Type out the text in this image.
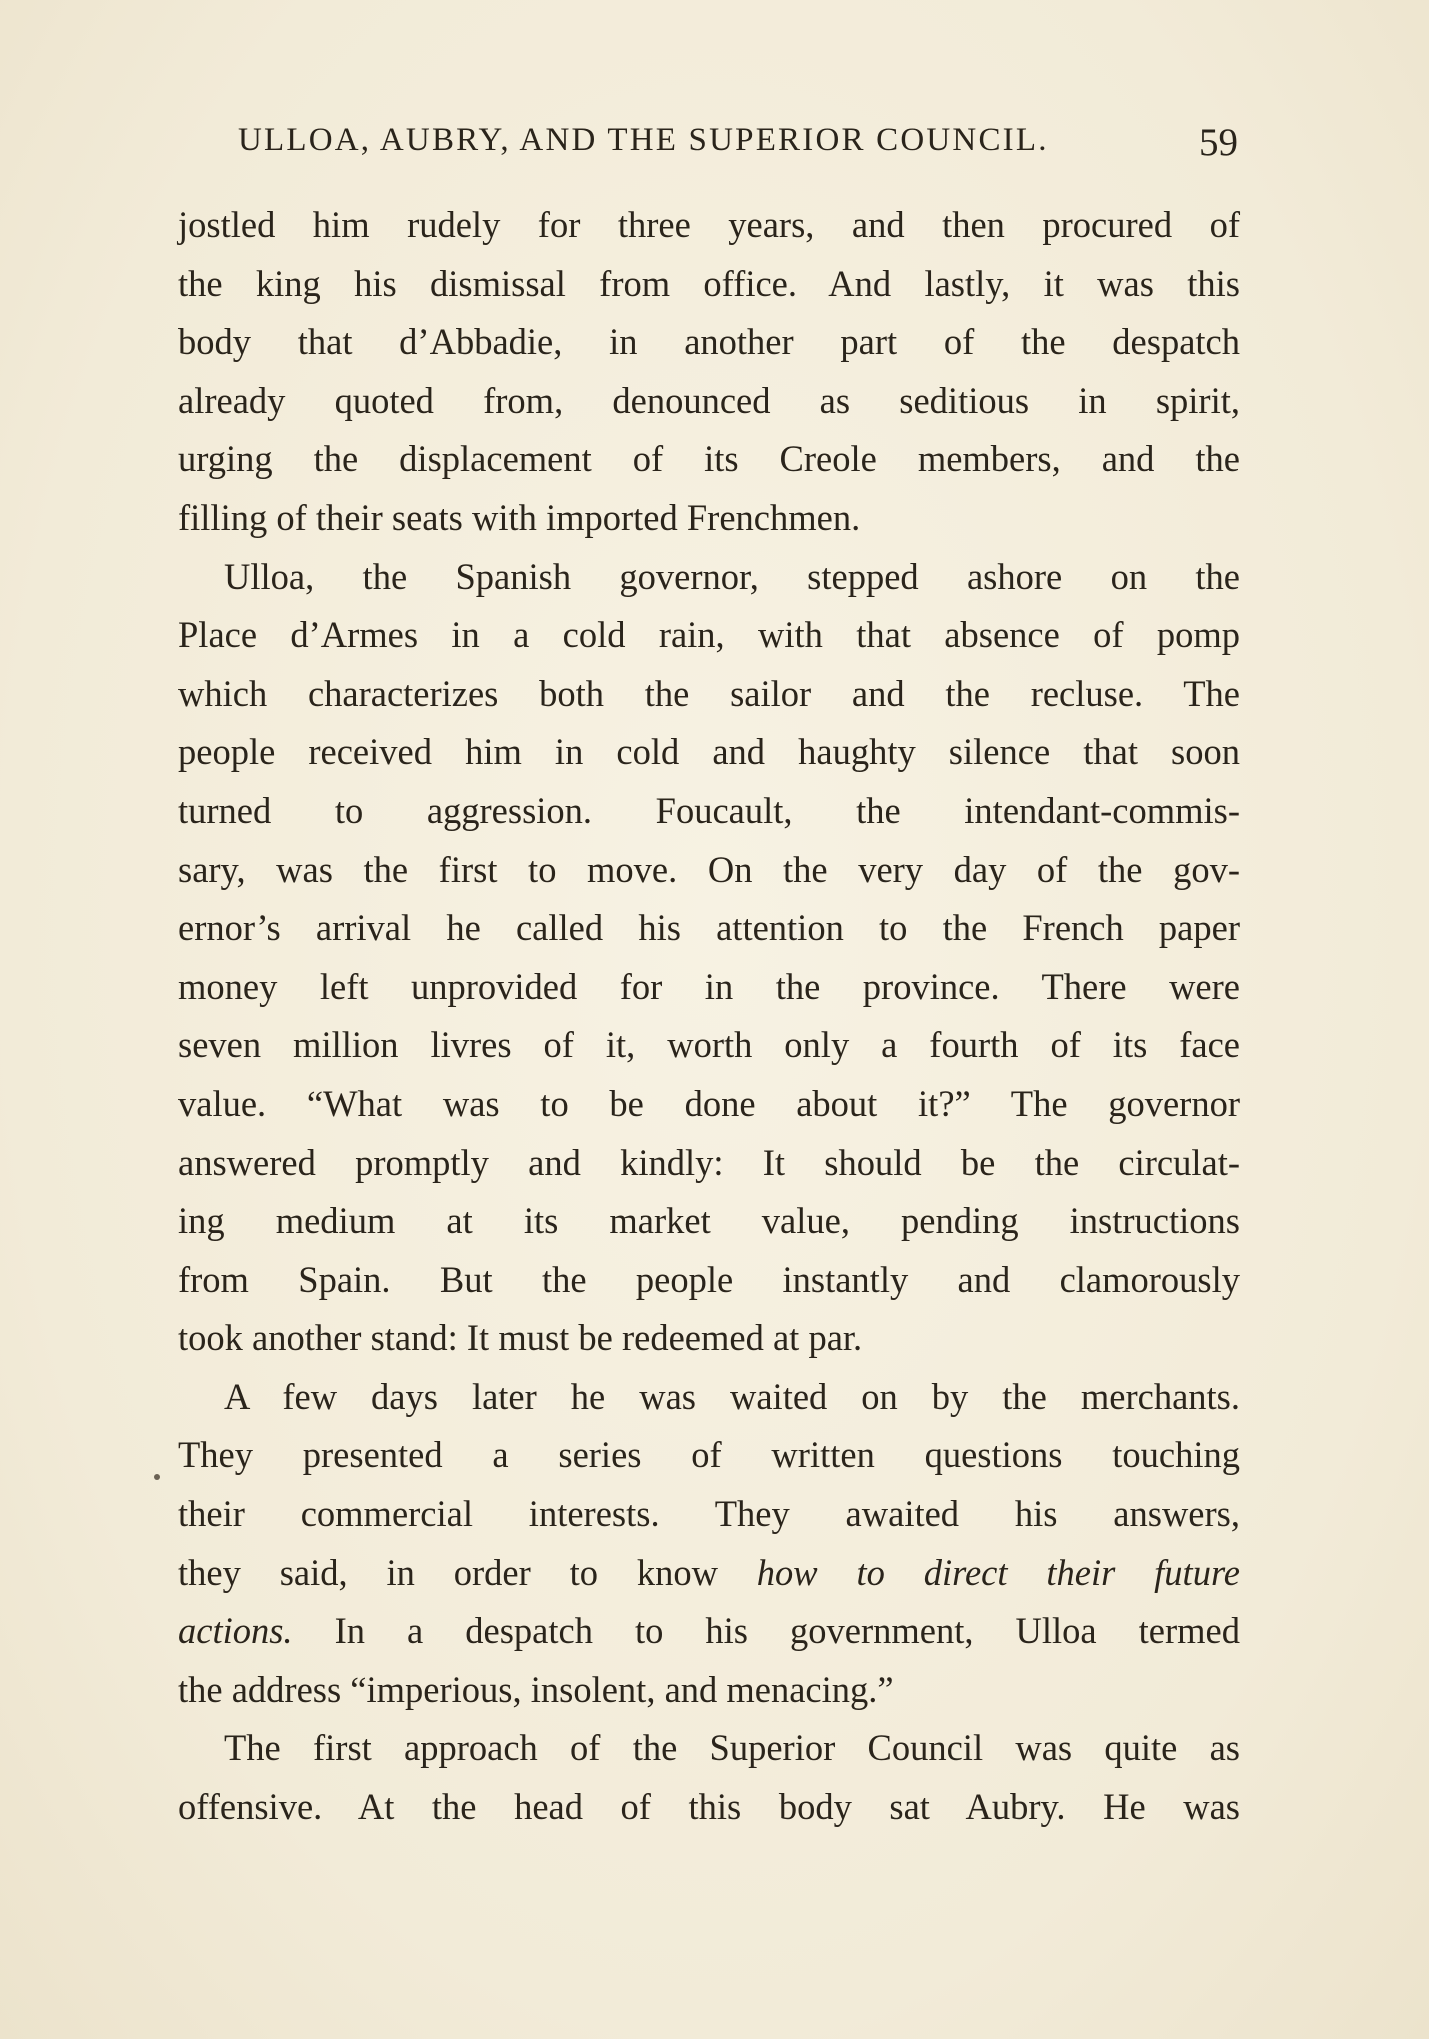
ULLOA, AUBRY, AND THE SUPERIOR COUNCIL.	59
jostled him rudely for three years, and then procured of
the king his dismissal from office. And lastly, it was this
body that d’Abbadie, in another part of the despatch
already quoted from, denounced as seditious in spirit,
urging the displacement of its Creole members, and the
filling of their seats with imported Frenchmen.
Ulloa, the Spanish governor, stepped ashore on the
Place d’Armes in a cold rain, with that absence of pomp
which characterizes both the sailor and the recluse. The
people received him in cold and haughty silence that soon
turned to aggression. Foucault, the intendant-commis-
sary, was the first to move. On the very day of the gov-
ernor’s arrival he called his attention to the French paper
money left unprovided for in the province. There were
seven million livres of it, worth only a fourth of its face
value. “What was to be done about it?” The governor
answered promptly and kindly: It should be the circulat-
ing medium at its market value, pending instructions
from Spain. But the people instantly and clamorously
took another stand: It must be redeemed at par.
A few days later he was waited on by the merchants.
They presented a series of written questions touching
their commercial interests. They awaited his answers,
they said, in order to know how to direct their future
actions. In a despatch to his government, Ulloa termed
the address “imperious, insolent, and menacing.”
The first approach of the Superior Council was quite as
offensive. At the head of this body sat Aubry. He was
